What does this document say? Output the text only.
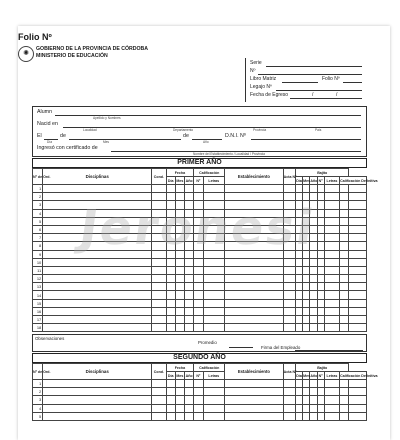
Folio Nº
✺
GOBIERNO DE LA PROVINCIA DE CÓRDOBA
MINISTERIO DE EDUCACIÓN
Serie
Nº
Libro Matriz	Folio Nº
Legajo Nº
Fecha de Egreso	/	/
Alumn
Apellido y Nombres
Nacid en
Localidad	Departamento	Provincia	País
El	de	de	D.N.I. Nº
Día	Mes	Año
Ingresó con certificado de
Nombre del Establecimiento / Localidad / Provincia
PRIMER AÑO
Nº de Ord.	Disciplinas	Cond.	Fecha			Calificación		Establecimiento	Acta Nº	Bajito						
			Día	Mes	Año	Nº	Letras			Día	Mes	Año	Nº	Letras	Calificación Definitiva	
1																
2																
3																
4																
5																
6																
7																
8																
9																
10																
11																
12																
13																
14																
15																
16																
17																
18																
Observaciones
Promedio
Firma del Empleado
SEGUNDO AÑO
Nº de Ord.	Disciplinas	Cond.	Fecha			Calificación		Establecimiento	Acta Nº	Bajito						
			Día	Mes	Año	Nº	Letras			Día	Mes	Año	Nº	Letras	Calificación Definitiva	
1																
2																
3																
4																
5																
Jeronesi
